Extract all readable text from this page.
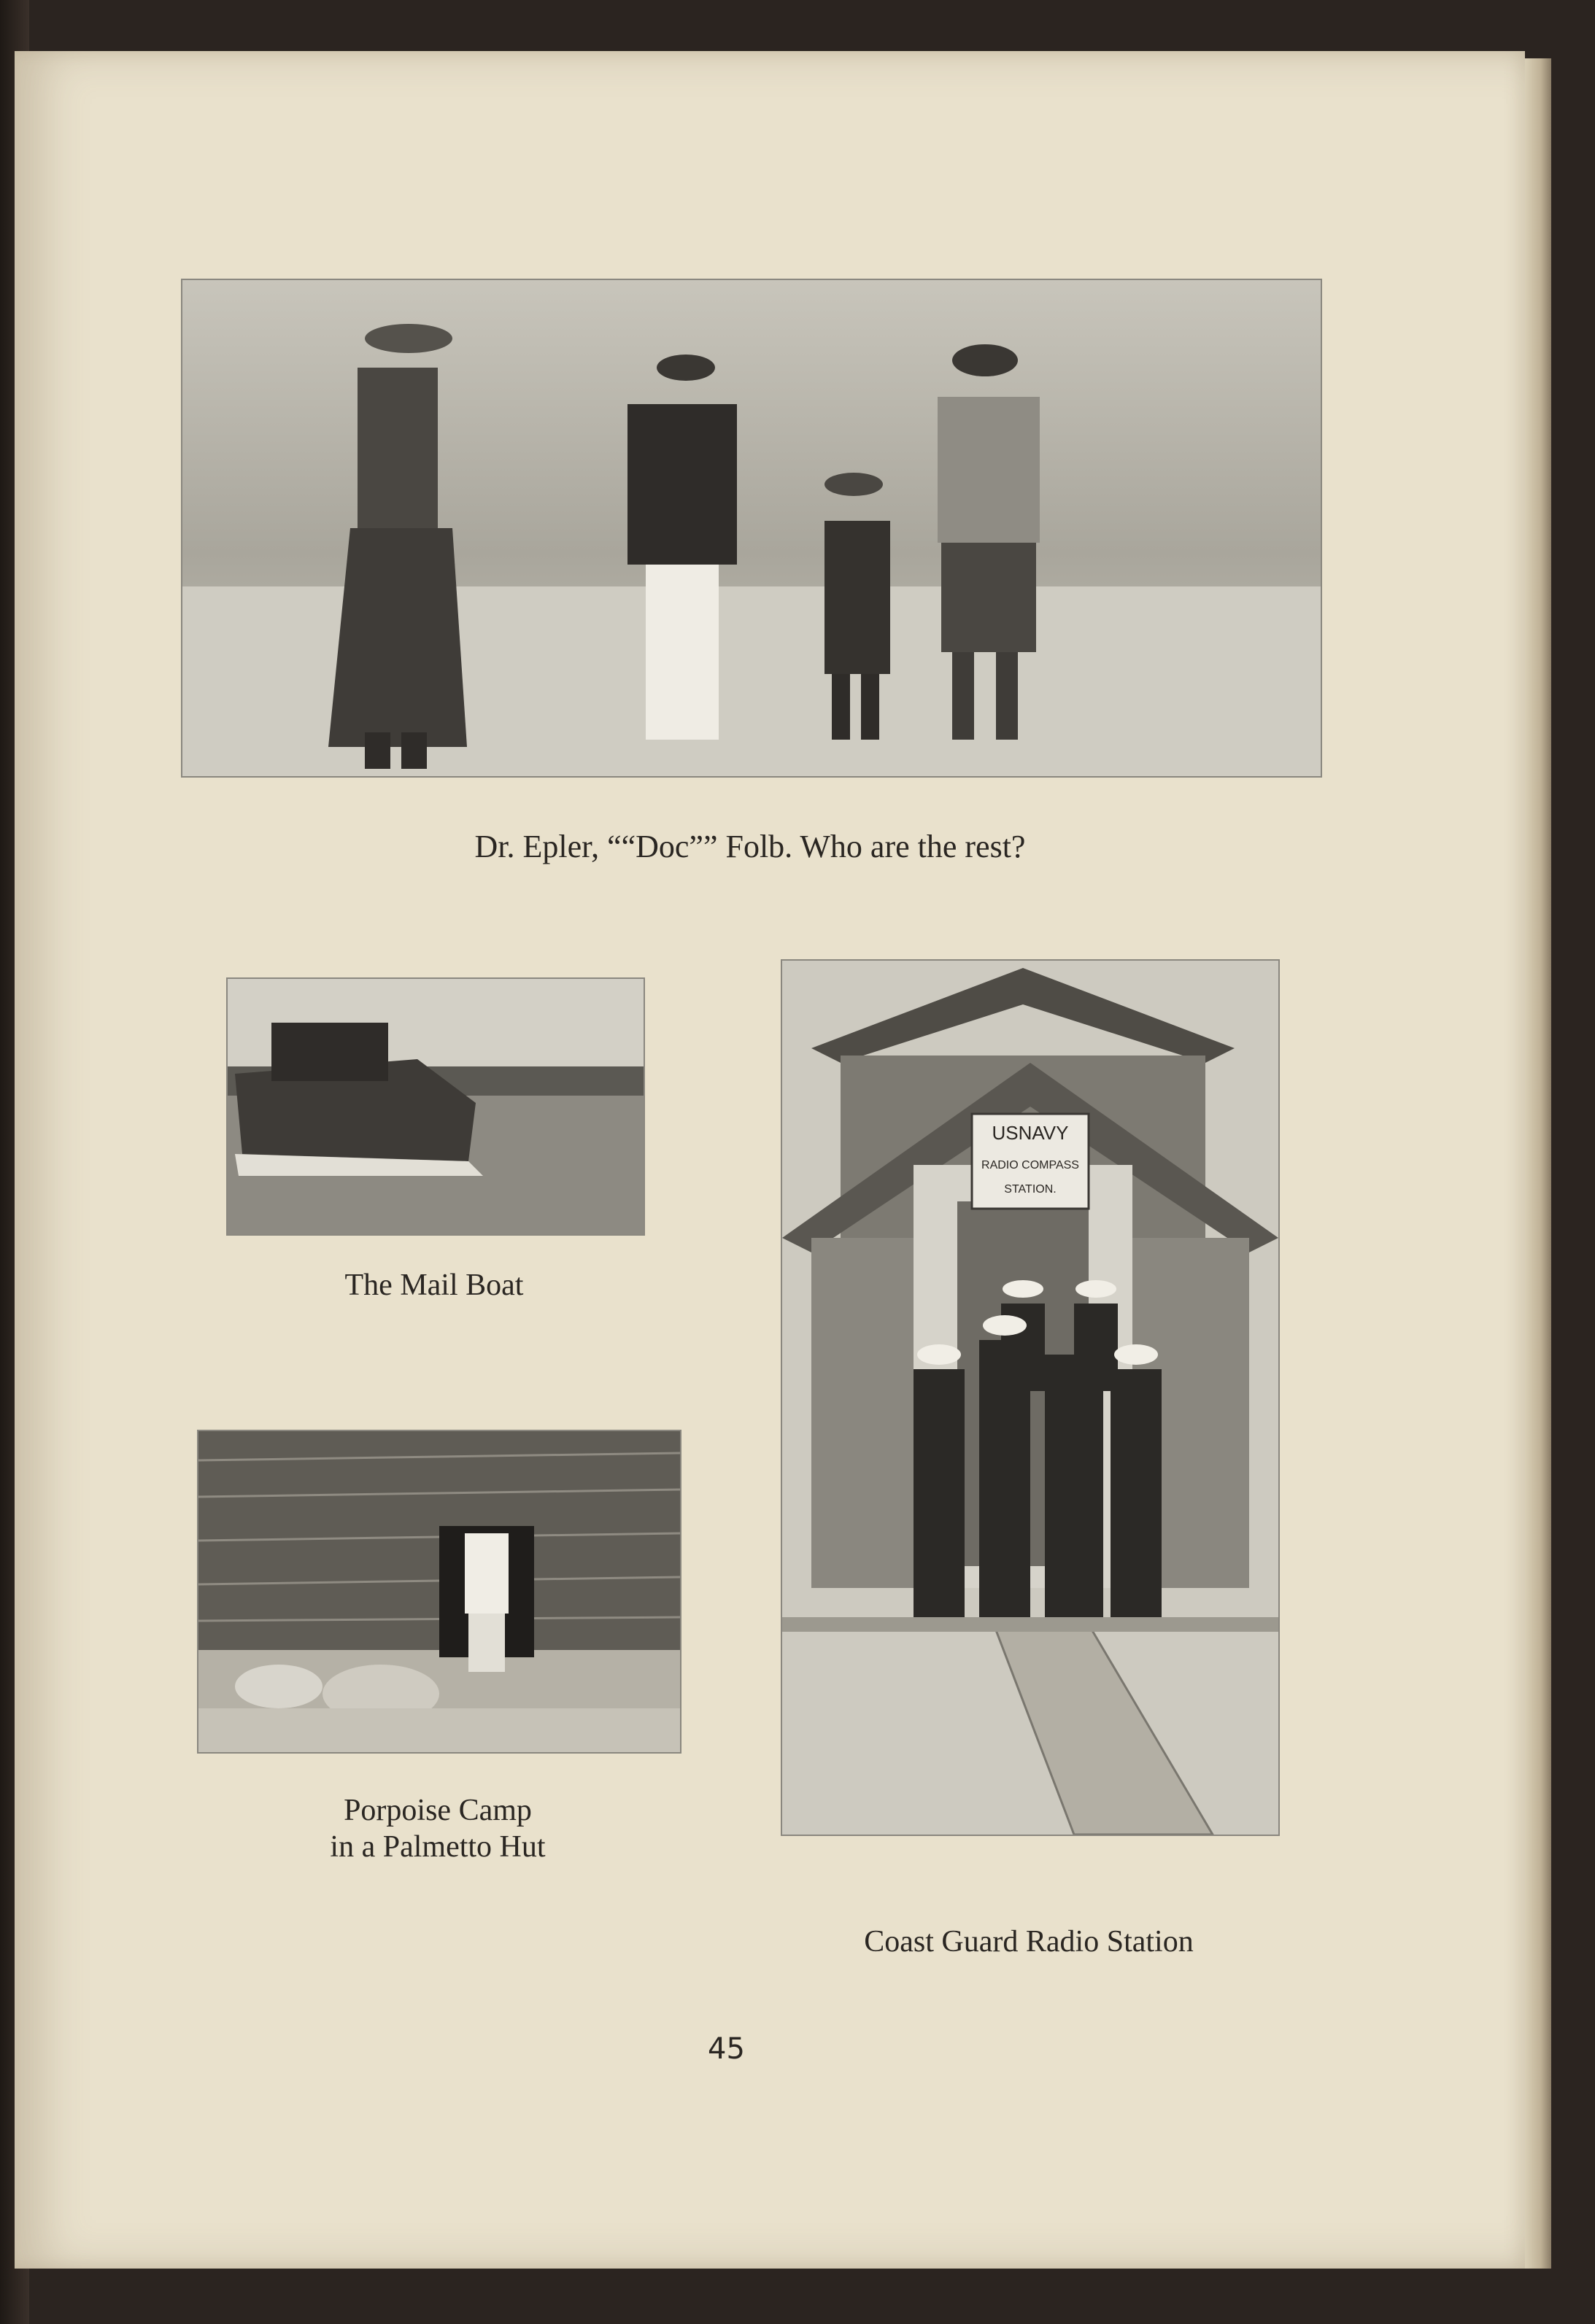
Dr. Epler, ““Doc”” Folb. Who are the rest?
The Mail Boat
Porpoise Camp
in a Palmetto Hut
USNAVY
RADIO COMPASS
STATION.
Coast Guard Radio Station
45
